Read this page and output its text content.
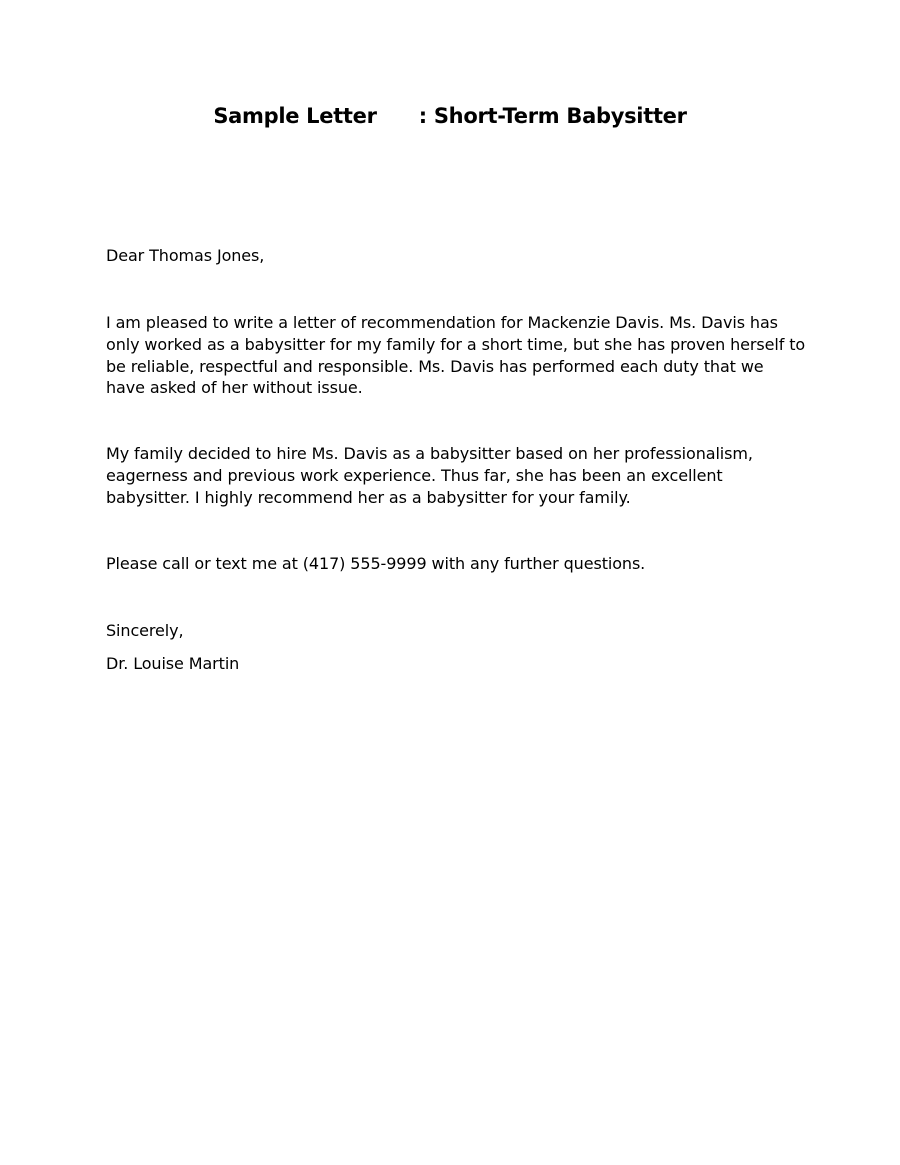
Sample Letter      : Short-Term Babysitter

Dear Thomas Jones,

I am pleased to write a letter of recommendation for Mackenzie Davis. Ms. Davis has only worked as a babysitter for my family for a short time, but she has proven herself to be reliable, respectful and responsible. Ms. Davis has performed each duty that we have asked of her without issue.

My family decided to hire Ms. Davis as a babysitter based on her professionalism, eagerness and previous work experience. Thus far, she has been an excellent babysitter. I highly recommend her as a babysitter for your family.

Please call or text me at (417) 555-9999 with any further questions.

Sincerely,

Dr. Louise Martin
